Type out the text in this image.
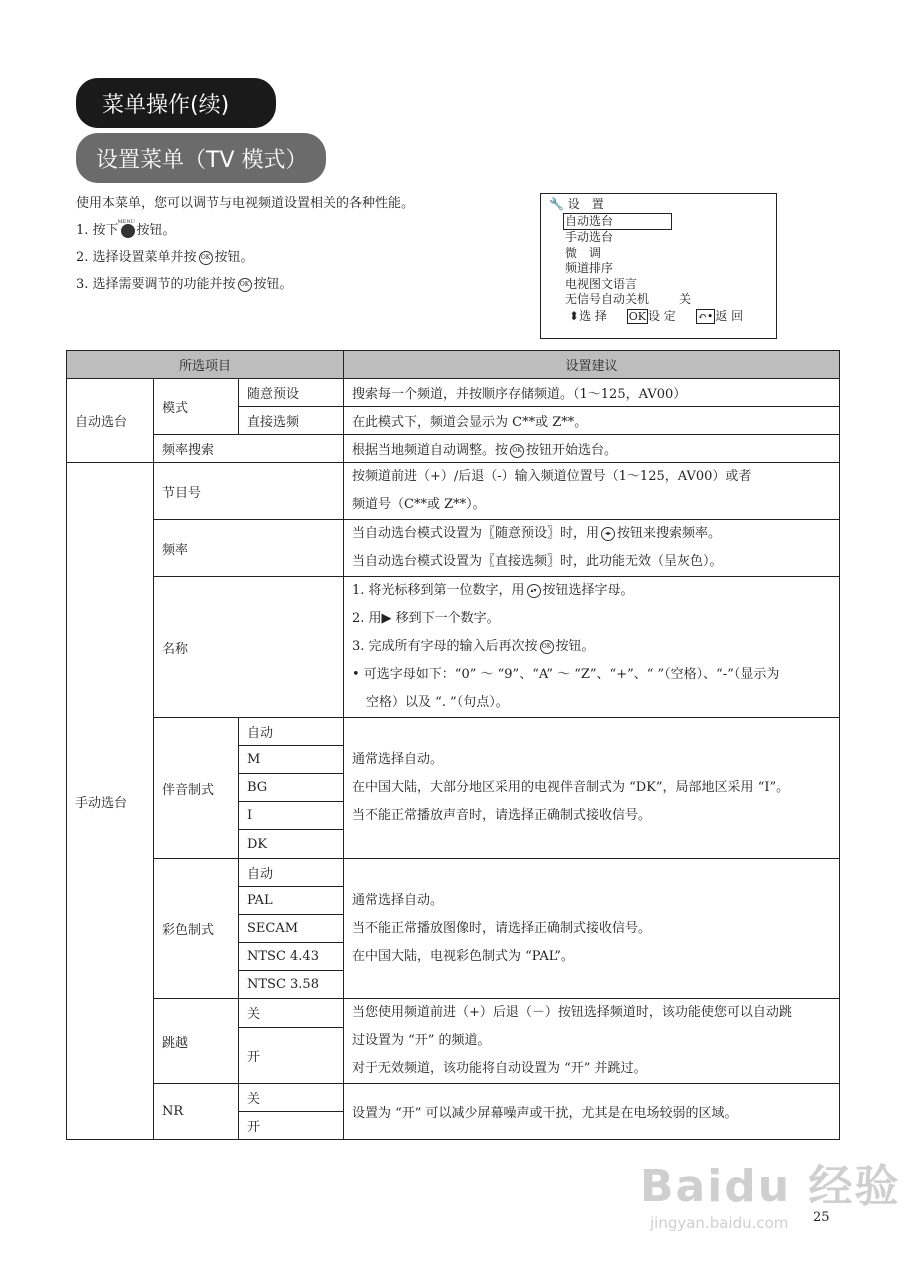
菜单操作(续)
设置菜单（TV 模式）
使用本菜单，您可以调节与电视频道设置相关的各种性能。
1. 按下 MENU 按钮。
2. 选择设置菜单并按 OK 按钮。
3. 选择需要调节的功能并按 OK 按钮。
🔧 设　置
自动选台
手动选台
微　调
频道排序
电视图文语言
无信号自动关机	关
⬍选 择 OK 设 定 ↶• 返 回
所选项目			设置建议
自动选台	模式	随意预设	搜索每一个频道，并按顺序存储频道。（1～125，AV00）
		直接选频	在此模式下，频道会显示为 C**或 Z**。
	频率搜索		根据当地频道自动调整。按 OK 按钮开始选台。
手动选台	节目号		按频道前进（+）/后退（-）输入频道位置号（1～125，AV00）或者
频道号（C**或 Z**）。

	频率		当自动选台模式设置为〖随意预设〗时，用 ◂▸ 按钮来搜索频率。
当自动选台模式设置为〖直接选频〗时，此功能无效（呈灰色）。

	名称		1. 将光标移到第一位数字，用 ▴▾ 按钮选择字母。
2. 用▶ 移到下一个数字。
3. 完成所有字母的输入后再次按 OK 按钮。
• 可选字母如下：“0” ～ “9”、“A” ～ “Z”、“+”、“ ”（空格）、“-”（显示为
空格）以及 “. ”（句点）。

	伴音制式	自动	通常选择自动。
在中国大陆，大部分地区采用的电视伴音制式为 “DK”，局部地区采用 “I”。
当不能正常播放声音时，请选择正确制式接收信号。

		M	
		BG	
		I	
		DK	
	彩色制式	自动	通常选择自动。
当不能正常播放图像时，请选择正确制式接收信号。
在中国大陆，电视彩色制式为 “PAL”。

		PAL	
		SECAM	
		NTSC 4.43	
		NTSC 3.58	
	跳越	关	当您使用频道前进（+）后退（－）按钮选择频道时，该功能使您可以自动跳
过设置为 “开” 的频道。
对于无效频道，该功能将自动设置为 “开” 并跳过。

		开	
	NR	关	设置为 “开” 可以减少屏幕噪声或干扰，尤其是在电场较弱的区域。
		开	
Baidu 经验
jingyan.baidu.com	25
